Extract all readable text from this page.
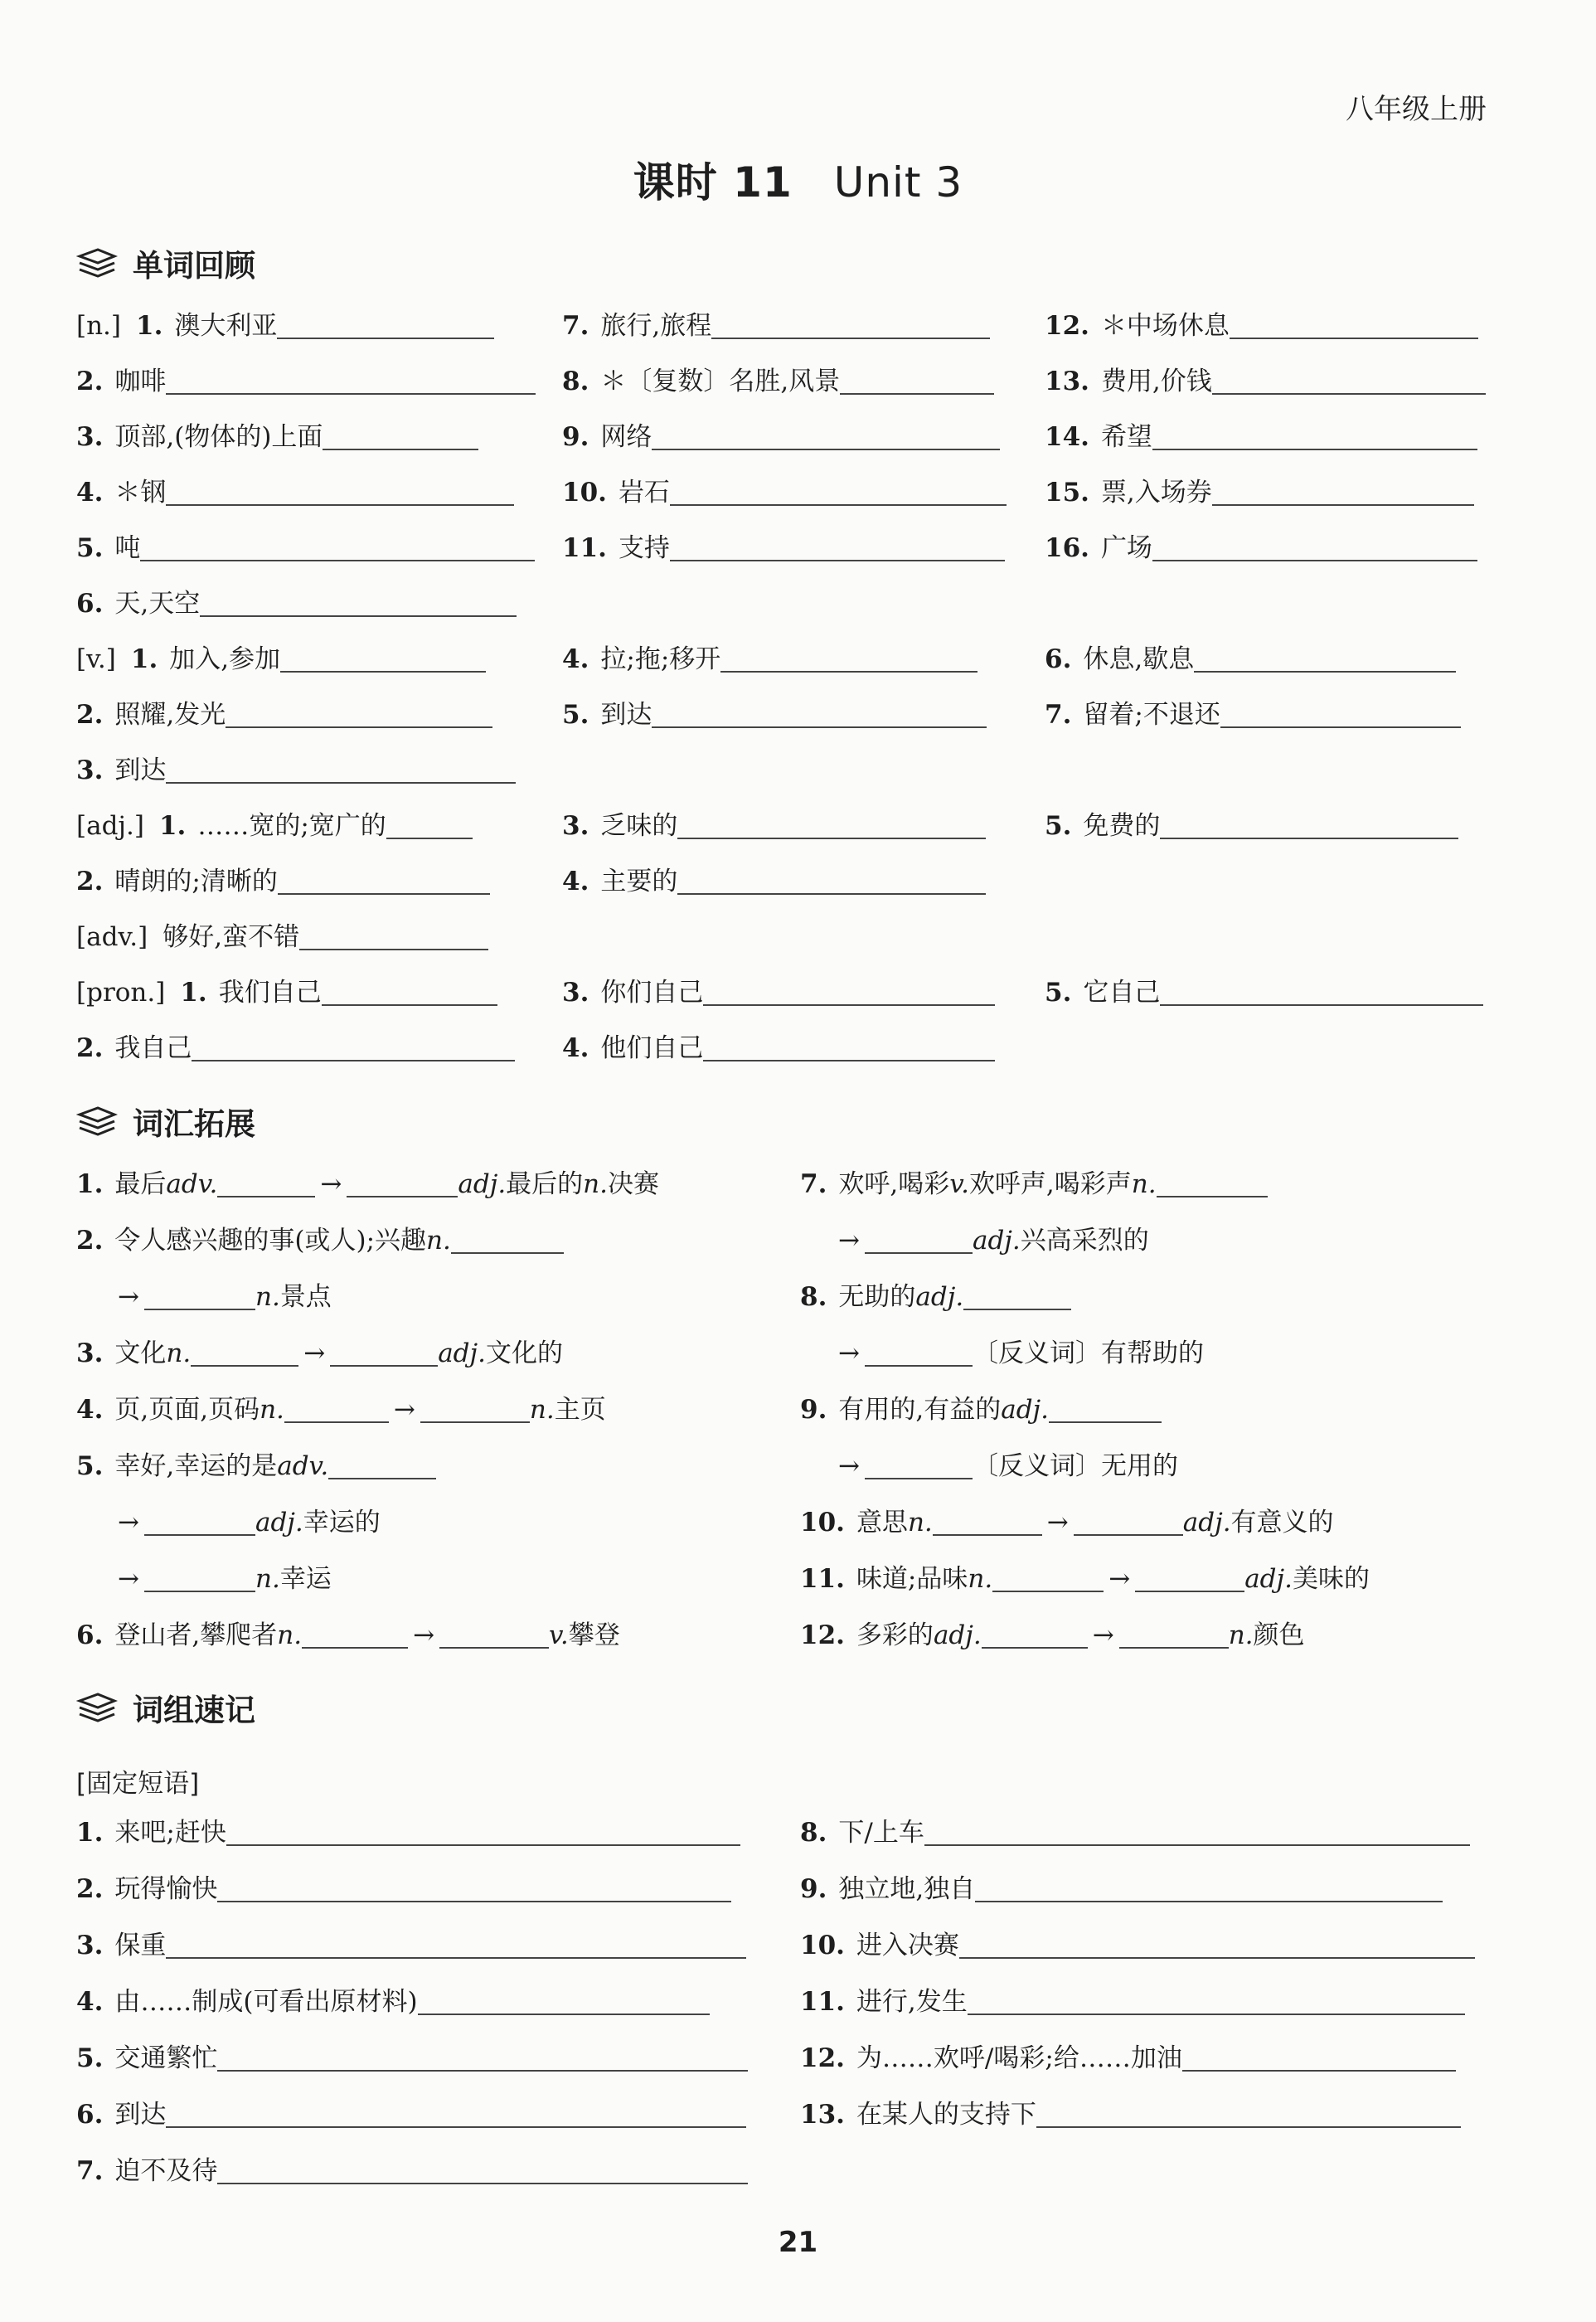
八年级上册
课时 11 Unit 3
单词回顾
[n.] 1. 澳大利亚
2. 咖啡
3. 顶部,(物体的)上面
4. ＊钢
5. 吨
6. 天,天空
7. 旅行,旅程
8. ＊〔复数〕名胜,风景
9. 网络
10. 岩石
11. 支持
12. ＊中场休息
13. 费用,价钱
14. 希望
15. 票,入场券
16. 广场
[v.] 1. 加入,参加
2. 照耀,发光
3. 到达
4. 拉;拖;移开
5. 到达
6. 休息,歇息
7. 留着;不退还
[adj.] 1. ……宽的;宽广的
2. 晴朗的;清晰的
3. 乏味的
4. 主要的
5. 免费的
[adv.] 够好,蛮不错
[pron.] 1. 我们自己
2. 我自己
3. 你们自己
4. 他们自己
5. 它自己
词汇拓展
1. 最后 adv.	→	adj. 最后的 n. 决赛
2. 令人感兴趣的事(或人);兴趣 n.
→	n. 景点
3. 文化 n.	→	adj. 文化的
4. 页,页面,页码 n.	→	n. 主页
5. 幸好,幸运的是 adv.
→	adj. 幸运的
→	n. 幸运
6. 登山者,攀爬者 n.	→	v. 攀登
7. 欢呼,喝彩 v. 欢呼声,喝彩声 n.
→	adj. 兴高采烈的
8. 无助的 adj.
→	〔反义词〕有帮助的
9. 有用的,有益的 adj.
→	〔反义词〕无用的
10. 意思 n.	→	adj. 有意义的
11. 味道;品味 n.	→	adj. 美味的
12. 多彩的 adj.	→	n. 颜色
词组速记
[固定短语]
1. 来吧;赶快
2. 玩得愉快
3. 保重
4. 由……制成(可看出原材料)
5. 交通繁忙
6. 到达
7. 迫不及待
8. 下/上车
9. 独立地,独自
10. 进入决赛
11. 进行,发生
12. 为……欢呼/喝彩;给……加油
13. 在某人的支持下
21
